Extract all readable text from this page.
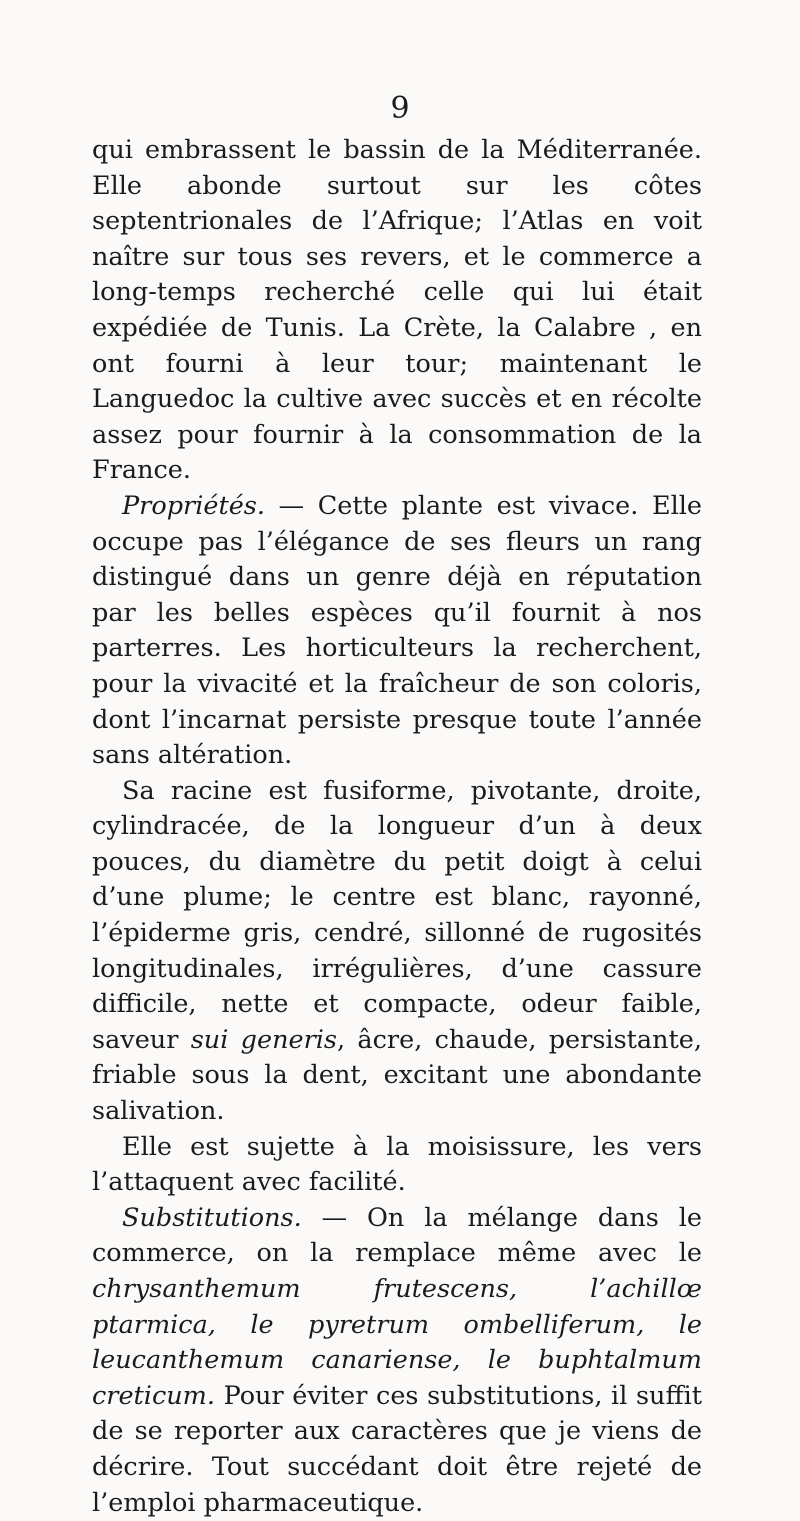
9

qui embrassent le bassin de la Méditerranée. Elle abonde surtout sur les côtes septentrionales de l’Afrique; l’Atlas en voit naître sur tous ses revers, et le commerce a long-temps recherché celle qui lui était expédiée de Tunis. La Crète, la Calabre , en ont fourni à leur tour; maintenant le Languedoc la cultive avec succès et en récolte assez pour fournir à la consommation de la France.

Propriétés. — Cette plante est vivace. Elle occupe pas l’élégance de ses fleurs un rang distingué dans un genre déjà en réputation par les belles espèces qu’il fournit à nos parterres. Les horticulteurs la recherchent, pour la vivacité et la fraîcheur de son coloris, dont l’incarnat persiste presque toute l’année sans altération.

Sa racine est fusiforme, pivotante, droite, cylindracée, de la longueur d’un à deux pouces, du diamètre du petit doigt à celui d’une plume; le centre est blanc, rayonné, l’épiderme gris, cendré, sillonné de rugosités longitudinales, irrégulières, d’une cassure difficile, nette et compacte, odeur faible, saveur sui generis, âcre, chaude, persistante, friable sous la dent, excitant une abondante salivation.

Elle est sujette à la moisissure, les vers l’attaquent avec facilité.

Substitutions. — On la mélange dans le commerce, on la remplace même avec le chrysanthemum frutescens, l’achillœ ptarmica, le pyretrum ombelliferum, le leucanthemum canariense, le buphtalmum creticum. Pour éviter ces substitutions, il suffit de se reporter aux caractères que je viens de décrire. Tout succédant doit être rejeté de l’emploi pharmaceutique.
